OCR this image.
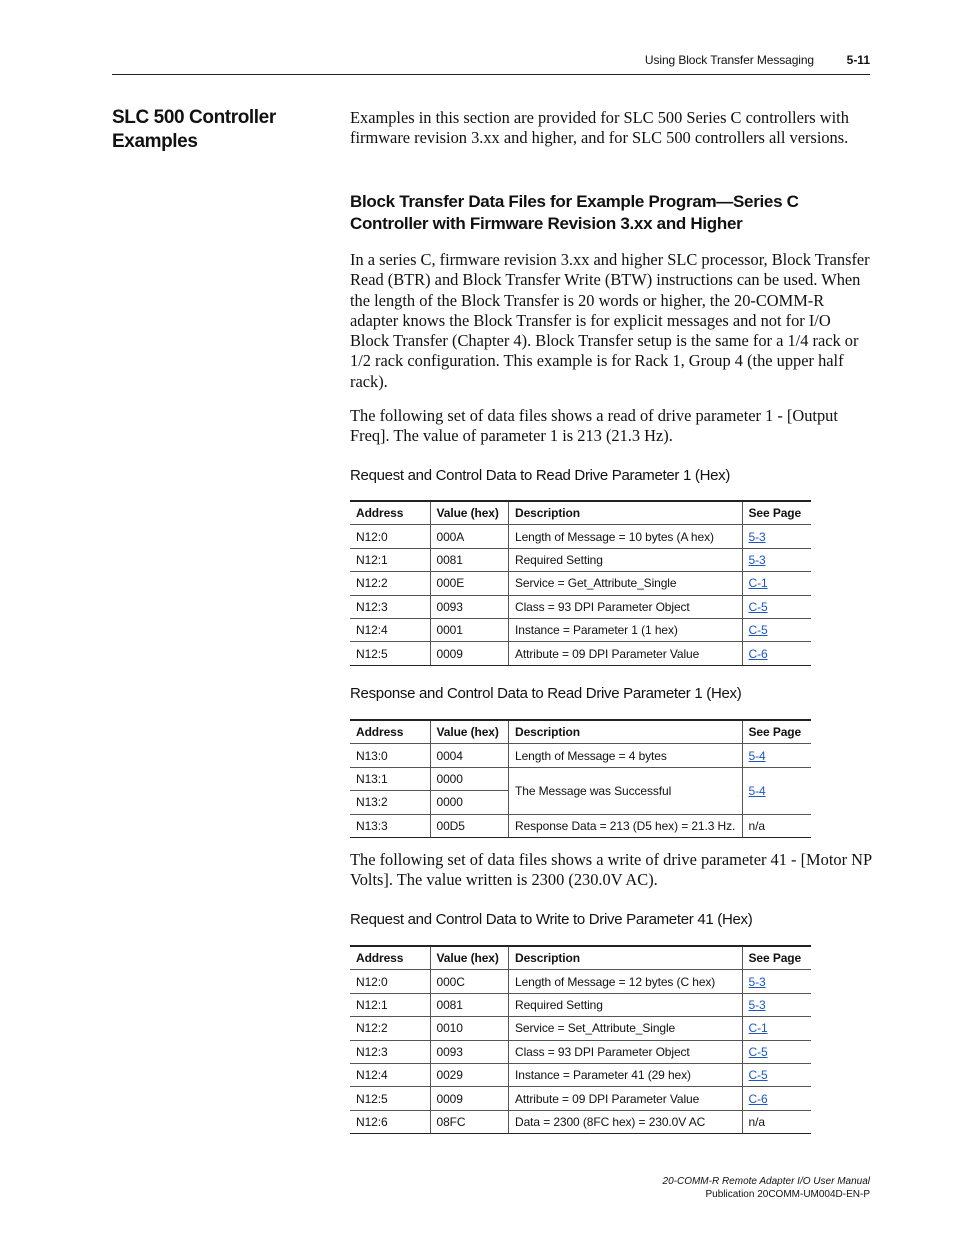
Using Block Transfer Messaging	5-11
SLC 500 Controller Examples
Examples in this section are provided for SLC 500 Series C controllers with firmware revision 3.xx and higher, and for SLC 500 controllers all versions.
Block Transfer Data Files for Example Program—Series C Controller with Firmware Revision 3.xx and Higher
In a series C, firmware revision 3.xx and higher SLC processor, Block Transfer Read (BTR) and Block Transfer Write (BTW) instructions can be used. When the length of the Block Transfer is 20 words or higher, the 20-COMM-R adapter knows the Block Transfer is for explicit messages and not for I/O Block Transfer (Chapter 4). Block Transfer setup is the same for a 1/4 rack or 1/2 rack configuration. This example is for Rack 1, Group 4 (the upper half rack).
The following set of data files shows a read of drive parameter 1 - [Output Freq]. The value of parameter 1 is 213 (21.3 Hz).
Request and Control Data to Read Drive Parameter 1 (Hex)
Address	Value (hex)	Description	See Page
N12:0	000A	Length of Message = 10 bytes (A hex)	5-3
N12:1	0081	Required Setting	5-3
N12:2	000E	Service = Get_Attribute_Single	C-1
N12:3	0093	Class = 93 DPI Parameter Object	C-5
N12:4	0001	Instance = Parameter 1 (1 hex)	C-5
N12:5	0009	Attribute = 09 DPI Parameter Value	C-6
Response and Control Data to Read Drive Parameter 1 (Hex)
Address	Value (hex)	Description	See Page
N13:0	0004	Length of Message = 4 bytes	5-4
N13:1	0000	The Message was Successful	5-4
N13:2	0000		
N13:3	00D5	Response Data = 213 (D5 hex) = 21.3 Hz.	n/a
The following set of data files shows a write of drive parameter 41 - [Motor NP Volts]. The value written is 2300 (230.0V AC).
Request and Control Data to Write to Drive Parameter 41 (Hex)
Address	Value (hex)	Description	See Page
N12:0	000C	Length of Message = 12 bytes (C hex)	5-3
N12:1	0081	Required Setting	5-3
N12:2	0010	Service = Set_Attribute_Single	C-1
N12:3	0093	Class = 93 DPI Parameter Object	C-5
N12:4	0029	Instance = Parameter 41 (29 hex)	C-5
N12:5	0009	Attribute = 09 DPI Parameter Value	C-6
N12:6	08FC	Data = 2300 (8FC hex) = 230.0V AC	n/a
20-COMM-R Remote Adapter I/O User Manual
Publication 20COMM-UM004D-EN-P
